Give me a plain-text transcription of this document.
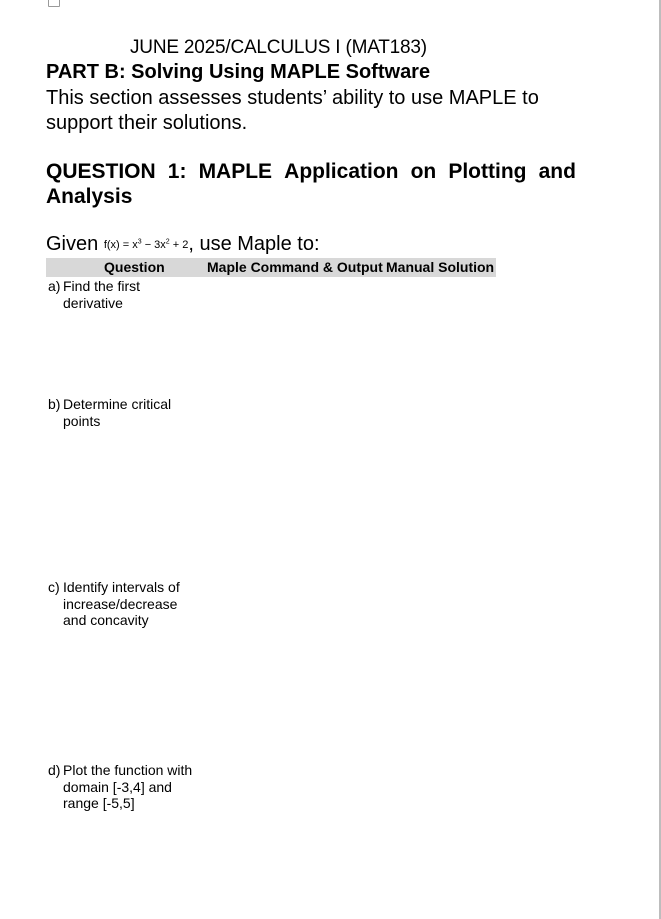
JUNE 2025/CALCULUS I (MAT183)
PART B: Solving Using MAPLE Software
This section assesses students’ ability to use MAPLE to support their solutions.
QUESTION 1: MAPLE Application on Plotting and
Analysis
Given $f(x) = x^3 - 3x^2 + 2$, use Maple to:
Question	Maple Command & Output Manual Solution
a) Find the first derivative
b) Determine critical points
c) Identify intervals of increase/decrease and concavity
d) Plot the function with domain [-3,4] and range [-5,5]
